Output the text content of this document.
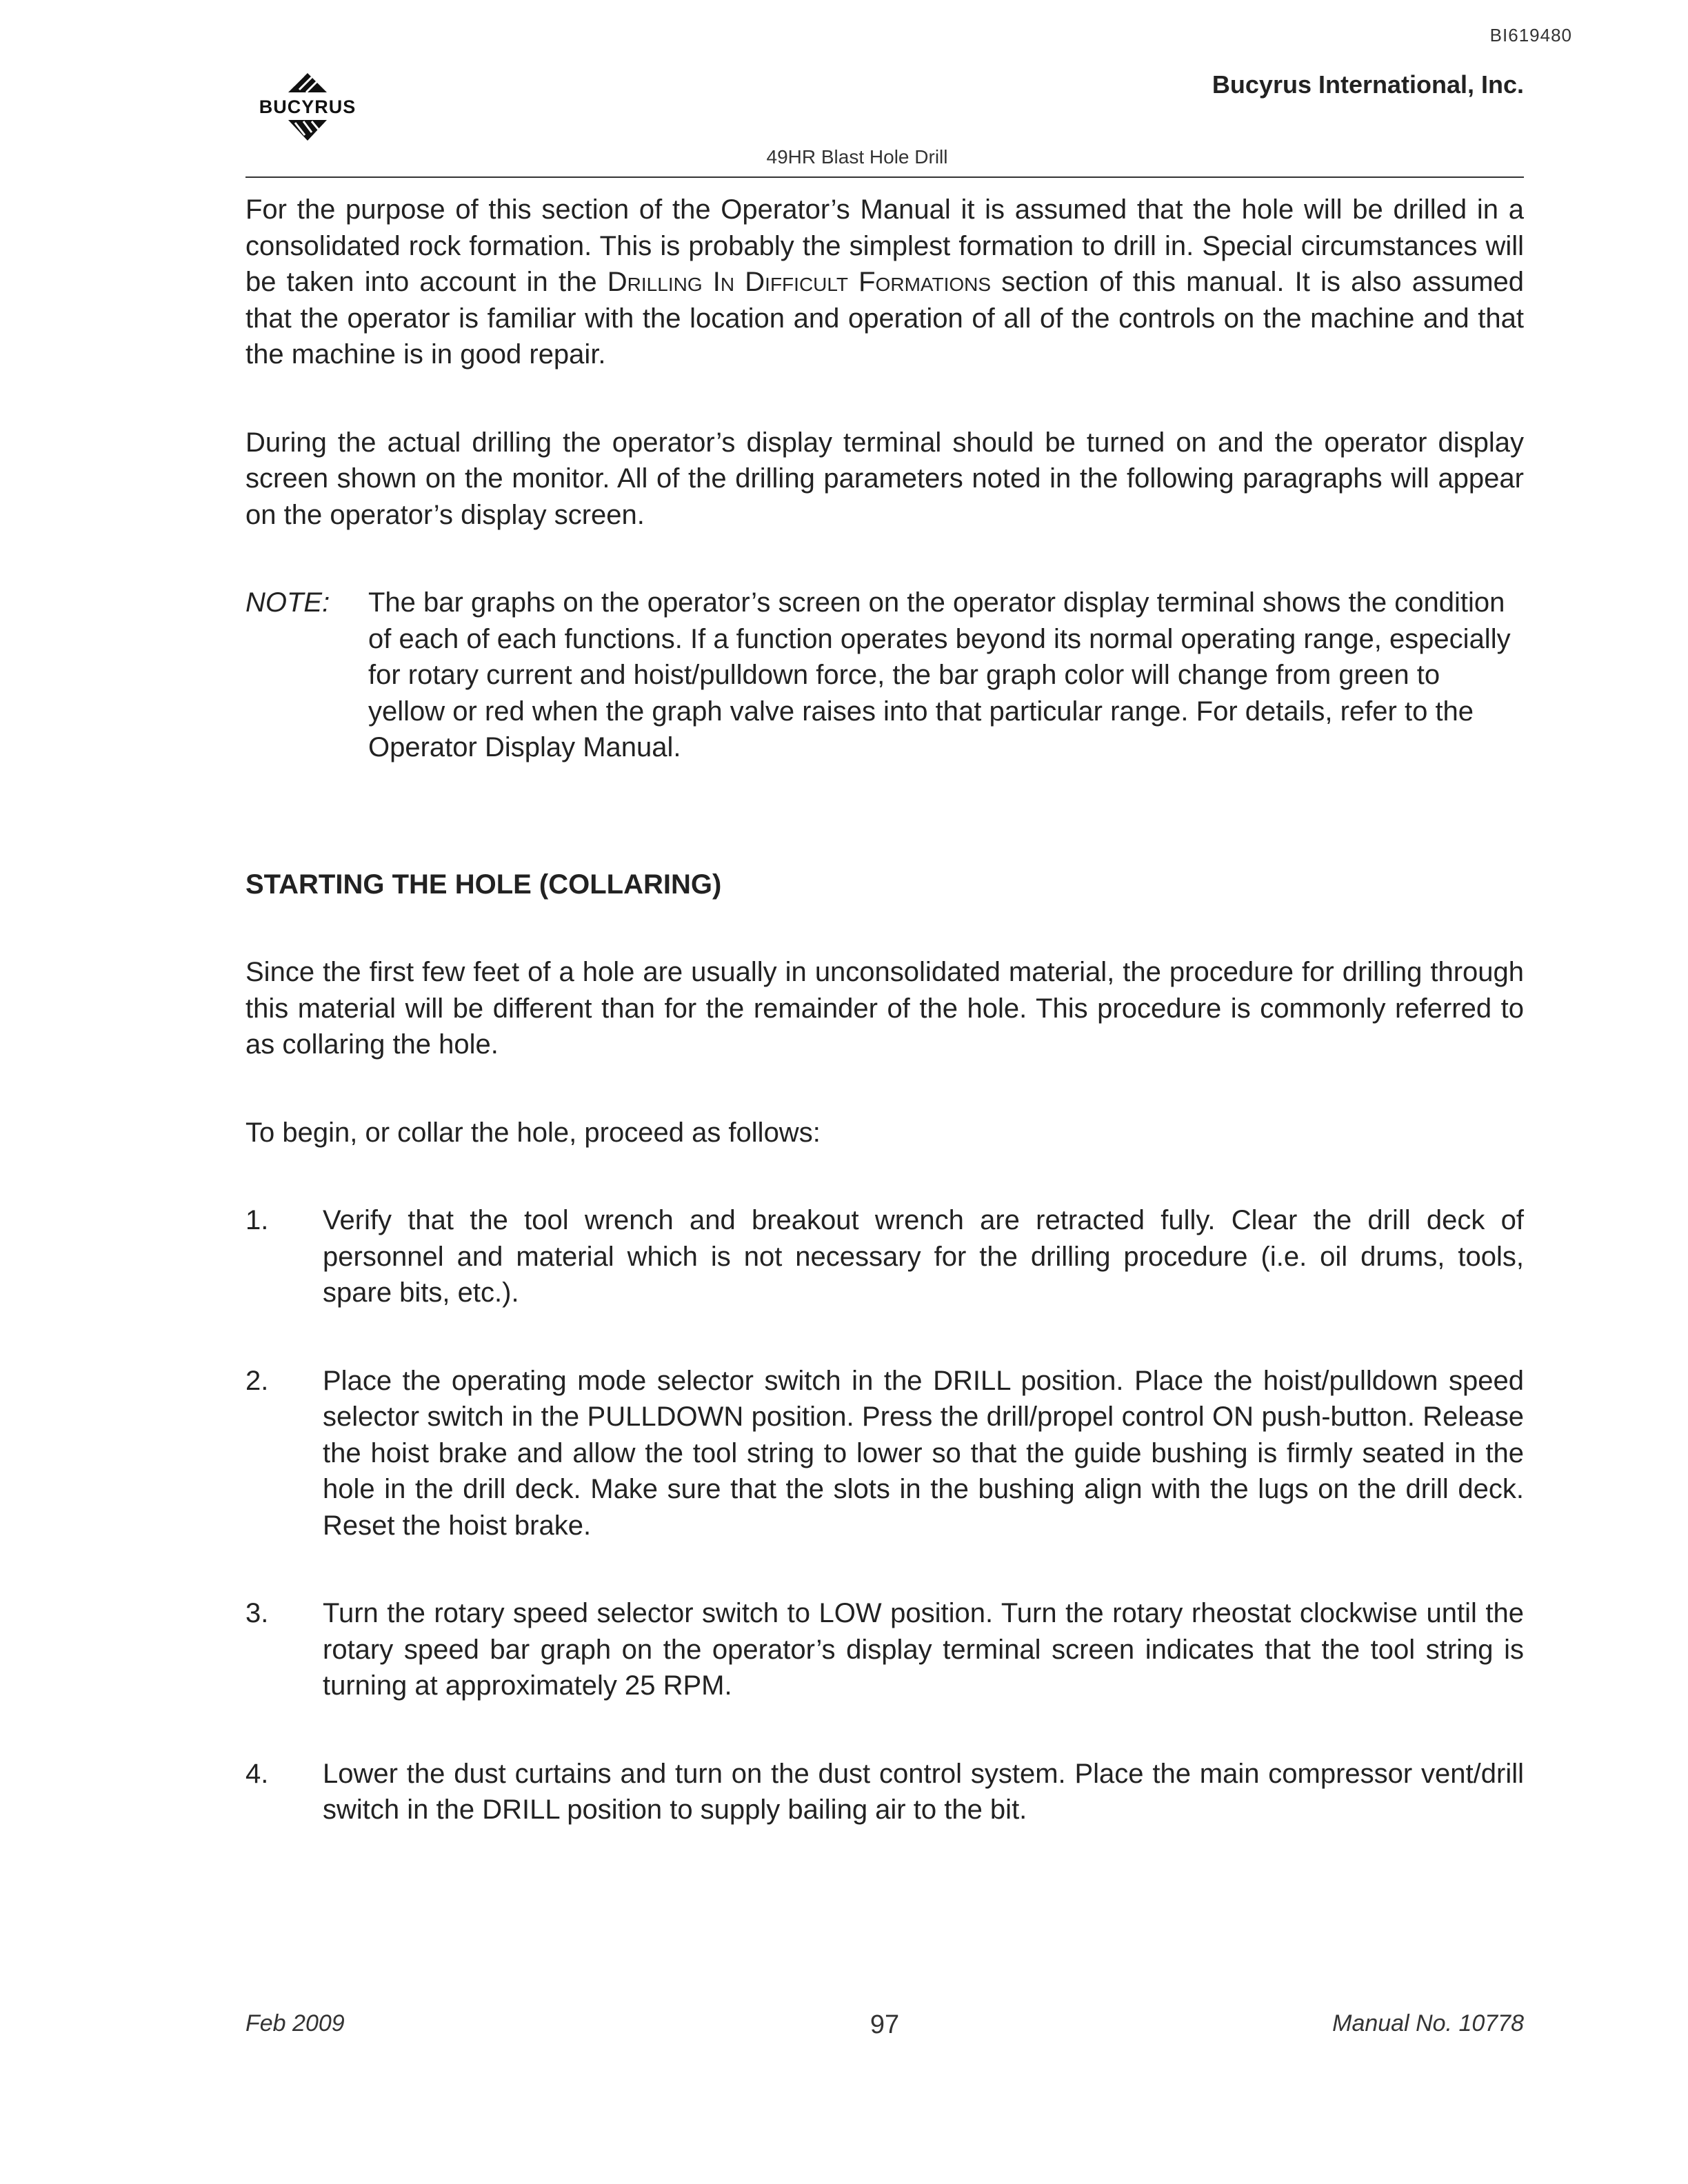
BI619480
BUCYRUS
Bucyrus International, Inc.
49HR Blast Hole Drill

For the purpose of this section of the Operator’s Manual it is assumed that the hole will be drilled in a consolidated rock formation. This is probably the simplest formation to drill in. Special circumstances will be taken into account in the Drilling In Difficult Formations section of this manual. It is also assumed that the operator is familiar with the location and operation of all of the controls on the machine and that the machine is in good repair.

During the actual drilling the operator’s display terminal should be turned on and the operator display screen shown on the monitor. All of the drilling parameters noted in the following paragraphs will appear on the operator’s display screen.

NOTE:	The bar graphs on the operator’s screen on the operator display terminal shows the condition of each of each functions. If a function operates beyond its normal operating range, especially for rotary current and hoist/pulldown force, the bar graph color will change from green to yellow or red when the graph valve raises into that particular range. For details, refer to the Operator Display Manual.
STARTING THE HOLE (COLLARING)

Since the first few feet of a hole are usually in unconsolidated material, the procedure for drilling through this material will be different than for the remainder of the hole. This procedure is commonly referred to as collaring the hole.

To begin, or collar the hole, proceed as follows:

1.	Verify that the tool wrench and breakout wrench are retracted fully. Clear the drill deck of personnel and material which is not necessary for the drilling procedure (i.e. oil drums, tools, spare bits, etc.).
2.	Place the operating mode selector switch in the DRILL position. Place the hoist/pulldown speed selector switch in the PULLDOWN position. Press the drill/propel control ON push-button. Release the hoist brake and allow the tool string to lower so that the guide bushing is firmly seated in the hole in the drill deck. Make sure that the slots in the bushing align with the lugs on the drill deck. Reset the hoist brake.
3.	Turn the rotary speed selector switch to LOW position. Turn the rotary rheostat clockwise until the rotary speed bar graph on the operator’s display terminal screen indicates that the tool string is turning at approximately 25 RPM.
4.	Lower the dust curtains and turn on the dust control system. Place the main compressor vent/drill switch in the DRILL position to supply bailing air to the bit.
Feb 2009	97	Manual No. 10778
